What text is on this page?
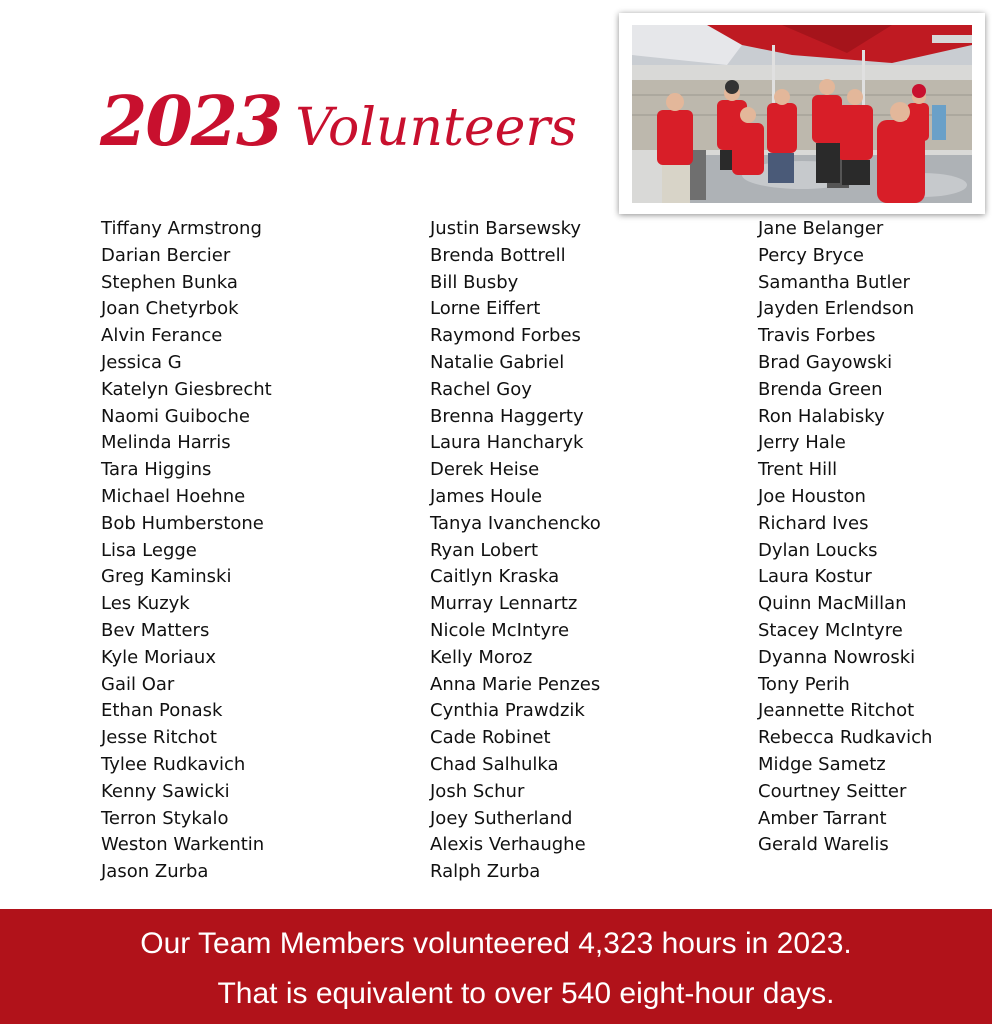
2023 Volunteers
Tiffany Armstrong
Darian Bercier
Stephen Bunka
Joan Chetyrbok
Alvin Ferance
Jessica G
Katelyn Giesbrecht
Naomi Guiboche
Melinda Harris
Tara Higgins
Michael Hoehne
Bob Humberstone
Lisa Legge
Greg Kaminski
Les Kuzyk
Bev Matters
Kyle Moriaux
Gail Oar
Ethan Ponask
Jesse Ritchot
Tylee Rudkavich
Kenny Sawicki
Terron Stykalo
Weston Warkentin
Jason Zurba
Justin Barsewsky
Brenda Bottrell
Bill Busby
Lorne Eiffert
Raymond Forbes
Natalie Gabriel
Rachel Goy
Brenna Haggerty
Laura Hancharyk
Derek Heise
James Houle
Tanya Ivanchencko
Ryan Lobert
Caitlyn Kraska
Murray Lennartz
Nicole McIntyre
Kelly Moroz
Anna Marie Penzes
Cynthia Prawdzik
Cade Robinet
Chad Salhulka
Josh Schur
Joey Sutherland
Alexis Verhaughe
Ralph Zurba
Jane Belanger
Percy Bryce
Samantha Butler
Jayden Erlendson
Travis Forbes
Brad Gayowski
Brenda Green
Ron Halabisky
Jerry Hale
Trent Hill
Joe Houston
Richard Ives
Dylan Loucks
Laura Kostur
Quinn MacMillan
Stacey McIntyre
Dyanna Nowroski
Tony Perih
Jeannette Ritchot
Rebecca Rudkavich
Midge Sametz
Courtney Seitter
Amber Tarrant
Gerald Warelis
Our Team Members volunteered 4,323 hours in 2023.
That is equivalent to over 540 eight-hour days.
